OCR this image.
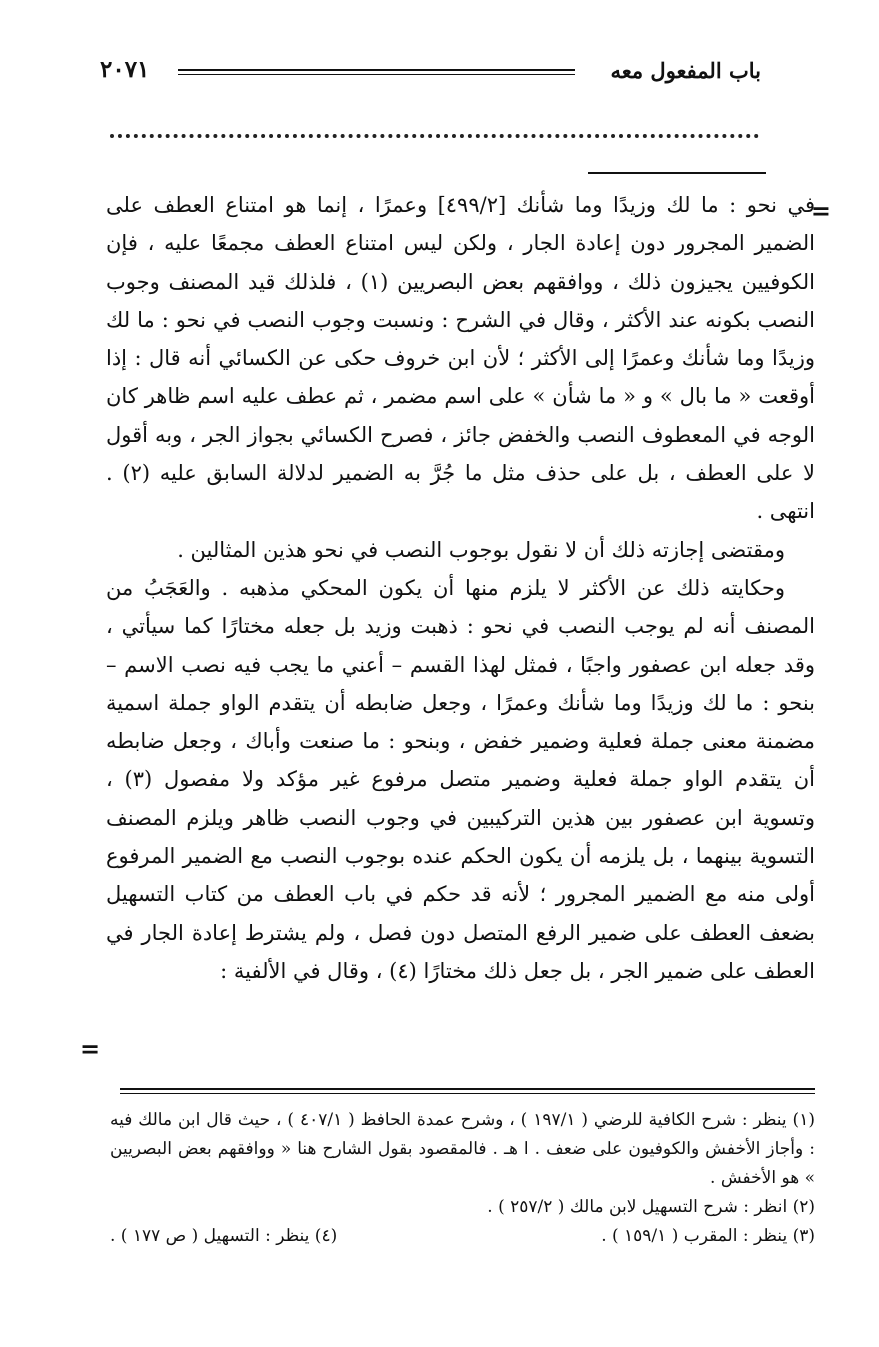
باب المفعول معه
٢٠٧١
=

في نحو : ما لك وزيدًا وما شأنك [٤٩٩/٢] وعمرًا ، إنما هو امتناع العطف على الضمير المجرور دون إعادة الجار ، ولكن ليس امتناع العطف مجمعًا عليه ، فإن الكوفيين يجيزون ذلك ، ووافقهم بعض البصريين (١) ، فلذلك قيد المصنف وجوب النصب بكونه عند الأكثر ، وقال في الشرح : ونسبت وجوب النصب في نحو : ما لك وزيدًا وما شأنك وعمرًا إلى الأكثر ؛ لأن ابن خروف حكى عن الكسائي أنه قال : إذا أوقعت « ما بال » و « ما شأن » على اسم مضمر ، ثم عطف عليه اسم ظاهر كان الوجه في المعطوف النصب والخفض جائز ، فصرح الكسائي بجواز الجر ، وبه أقول لا على العطف ، بل على حذف مثل ما جُرَّ به الضمير لدلالة السابق عليه (٢) . انتهى .

ومقتضى إجازته ذلك أن لا نقول بوجوب النصب في نحو هذين المثالين .

وحكايته ذلك عن الأكثر لا يلزم منها أن يكون المحكي مذهبه . والعَجَبُ من المصنف أنه لم يوجب النصب في نحو : ذهبت وزيد بل جعله مختارًا كما سيأتي ، وقد جعله ابن عصفور واجبًا ، فمثل لهذا القسم – أعني ما يجب فيه نصب الاسم – بنحو : ما لك وزيدًا وما شأنك وعمرًا ، وجعل ضابطه أن يتقدم الواو جملة اسمية مضمنة معنى جملة فعلية وضمير خفض ، وبنحو : ما صنعت وأباك ، وجعل ضابطه أن يتقدم الواو جملة فعلية وضمير متصل مرفوع غير مؤكد ولا مفصول (٣) ، وتسوية ابن عصفور بين هذين التركيبين في وجوب النصب ظاهر ويلزم المصنف التسوية بينهما ، بل يلزمه أن يكون الحكم عنده بوجوب النصب مع الضمير المرفوع أولى منه مع الضمير المجرور ؛ لأنه قد حكم في باب العطف من كتاب التسهيل بضعف العطف على ضمير الرفع المتصل دون فصل ، ولم يشترط إعادة الجار في العطف على ضمير الجر ، بل جعل ذلك مختارًا (٤) ، وقال في الألفية :

=

(١) ينظر : شرح الكافية للرضي ( ١٩٧/١ ) ، وشرح عمدة الحافظ ( ٤٠٧/١ ) ، حيث قال ابن مالك فيه : وأجاز الأخفش والكوفيون على ضعف . ا هـ . فالمقصود بقول الشارح هنا « ووافقهم بعض البصريين » هو الأخفش .

(٢) انظر : شرح التسهيل لابن مالك ( ٢٥٧/٢ ) .

(٣) ينظر : المقرب ( ١٥٩/١ ) .
(٤) ينظر : التسهيل ( ص ١٧٧ ) .
